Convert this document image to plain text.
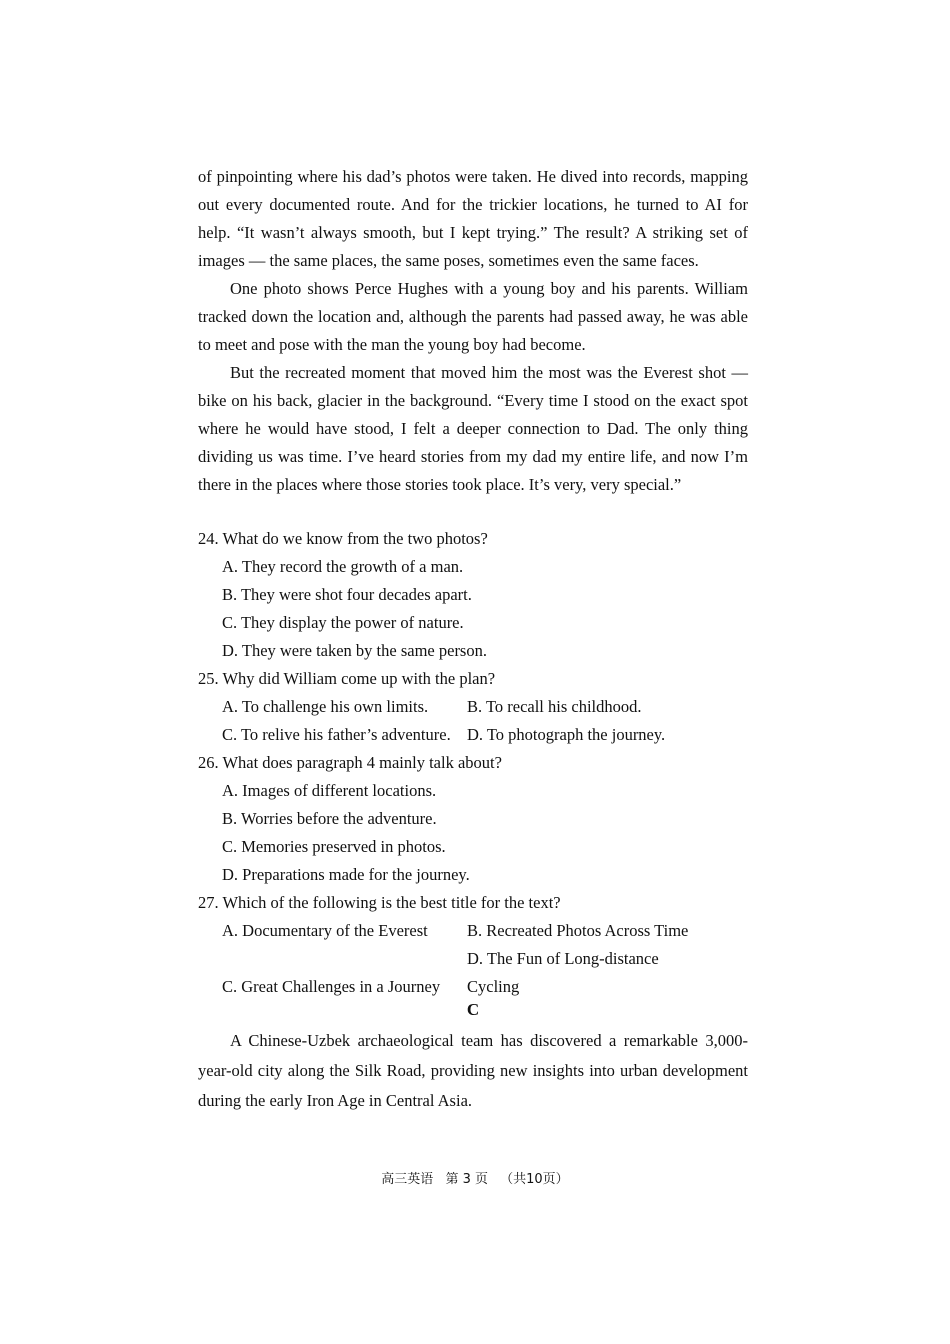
of pinpointing where his dad’s photos were taken. He dived into records, mapping out every documented route. And for the trickier locations, he turned to AI for help. “It wasn’t always smooth, but I kept trying.” The result? A striking set of images — the same places, the same poses, sometimes even the same faces.

One photo shows Perce Hughes with a young boy and his parents. William tracked down the location and, although the parents had passed away, he was able to meet and pose with the man the young boy had become.

But the recreated moment that moved him the most was the Everest shot — bike on his back, glacier in the background. “Every time I stood on the exact spot where he would have stood, I felt a deeper connection to Dad. The only thing dividing us was time. I’ve heard stories from my dad my entire life, and now I’m there in the places where those stories took place. It’s very, very special.”

24. What do we know from the two photos?

A. They record the growth of a man.
B. They were shot four decades apart.
C. They display the power of nature.
D. They were taken by the same person.

25. Why did William come up with the plan?

A. To challenge his own limits. B. To recall his childhood. C. To relive his father’s adventure. D. To photograph the journey.

26. What does paragraph 4 mainly talk about?

A. Images of different locations.
B. Worries before the adventure.
C. Memories preserved in photos.
D. Preparations made for the journey.

27. Which of the following is the best title for the text?

A. Documentary of the Everest B. Recreated Photos Across Time C. Great Challenges in a JourneyD. The Fun of Long-distance Cycling
C

A Chinese-Uzbek archaeological team has discovered a remarkable 3,000-year-old city along the Silk Road, providing new insights into urban development during the early Iron Age in Central Asia.

高三英语 第 3 页 （共10页）
